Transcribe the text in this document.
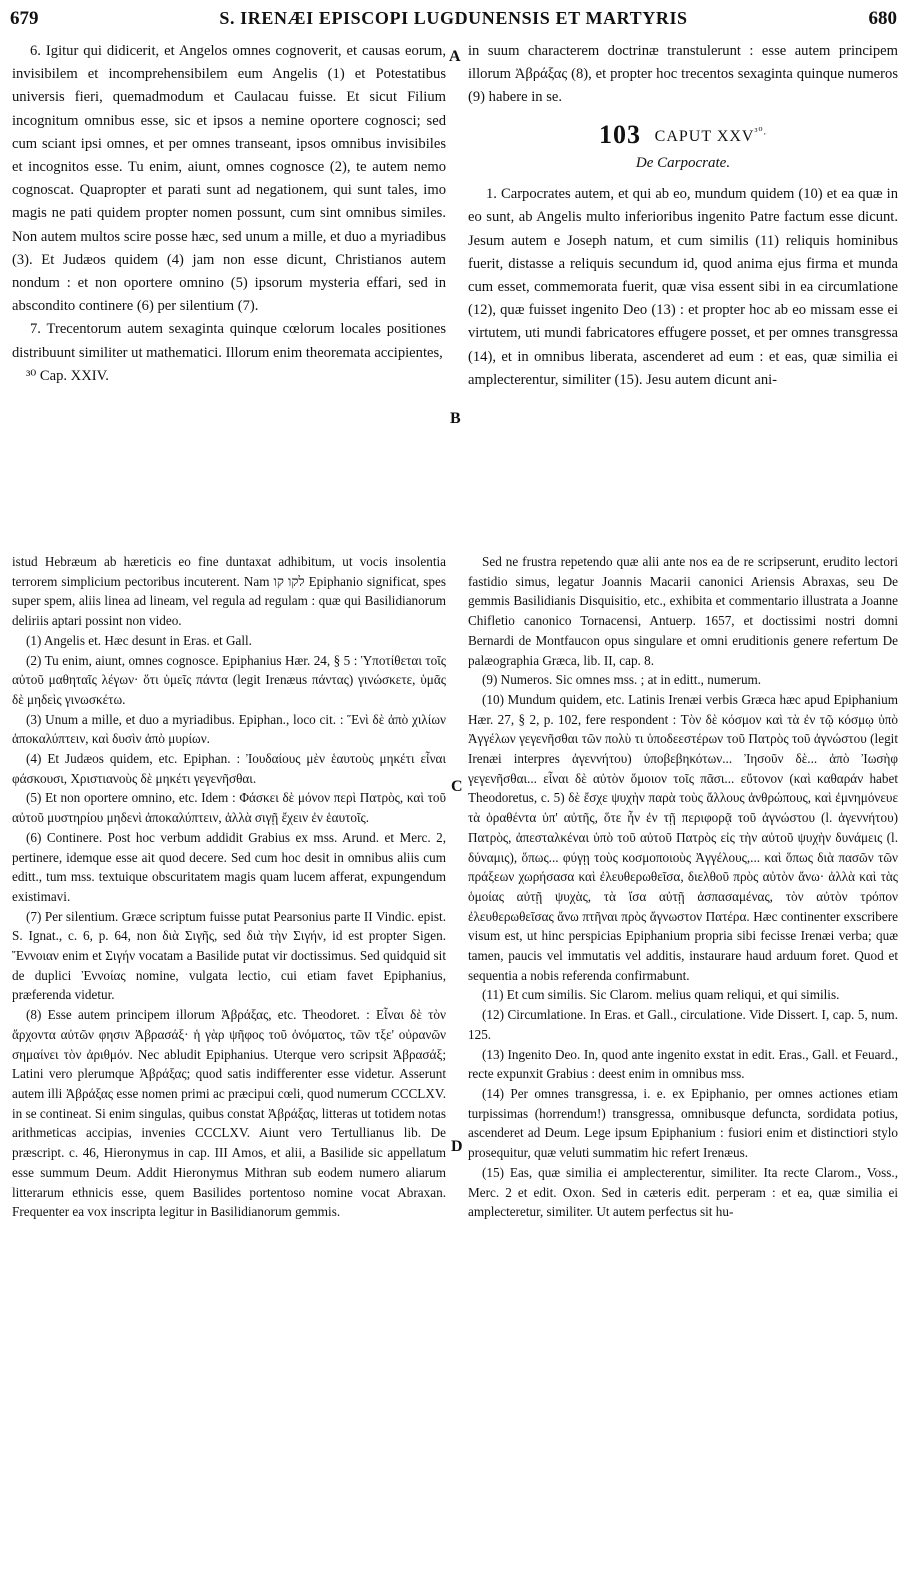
679	S. IRENÆI EPISCOPI LUGDUNENSIS ET MARTYRIS	680
A
B
C
D

6. Igitur qui didicerit, et Angelos omnes cognoverit, et causas eorum, invisibilem et incomprehensibilem eum Angelis (1) et Potestatibus universis fieri, quemadmodum et Caulacau fuisse. Et sicut Filium incognitum omnibus esse, sic et ipsos a nemine oportere cognosci; sed cum sciant ipsi omnes, et per omnes transeant, ipsos omnibus invisibiles et incognitos esse. Tu enim, aiunt, omnes cognosce (2), te autem nemo cognoscat. Quapropter et parati sunt ad negationem, qui sunt tales, imo magis ne pati quidem propter nomen possunt, cum sint omnibus similes. Non autem multos scire posse hæc, sed unum a mille, et duo a myriadibus (3). Et Judæos quidem (4) jam non esse dicunt, Christianos autem nondum : et non oportere omnino (5) ipsorum mysteria effari, sed in abscondito continere (6) per silentium (7).

7. Trecentorum autem sexaginta quinque cœlorum locales positiones distribuunt similiter ut mathematici. Illorum enim theoremata accipientes,

³⁰ Cap. XXIV.

in suum characterem doctrinæ transtulerunt : esse autem principem illorum Ἀβράξας (8), et propter hoc trecentos sexaginta quinque numeros (9) habere in se.

103 CAPUT $XXV^{^{30}.}$

De Carpocrate.

1. Carpocrates autem, et qui ab eo, mundum quidem (10) et ea quæ in eo sunt, ab Angelis multo inferioribus ingenito Patre factum esse dicunt. Jesum autem e Joseph natum, et cum similis (11) reliquis hominibus fuerit, distasse a reliquis secundum id, quod anima ejus firma et munda cum esset, commemorata fuerit, quæ visa essent sibi in ea circumlatione (12), quæ fuisset ingenito Deo (13) : et propter hoc ab eo missam esse ei virtutem, uti mundi fabricatores effugere posset, et per omnes transgressa (14), et in omnibus liberata, ascenderet ad eum : et eas, quæ similia ei amplecterentur, similiter (15). Jesu autem dicunt ani-

istud Hebræum ab hæreticis eo fine duntaxat adhibitum, ut vocis insolentia terrorem simplicium pectoribus incuterent. Nam לקו קו Epiphanio significat, spes super spem, aliis linea ad lineam, vel regula ad regulam : quæ qui Basilidianorum deliriis aptari possint non video.

(1) Angelis et. Hæc desunt in Eras. et Gall.

(2) Tu enim, aiunt, omnes cognosce. Epiphanius Hær. 24, § 5 : Ὑποτίθεται τοῖς αὐτοῦ μαθηταῖς λέγων· ὅτι ὑμεῖς πάντα (legit Irenæus πάντας) γινώσκετε, ὑμᾶς δὲ μηδεὶς γινωσκέτω.

(3) Unum a mille, et duo a myriadibus. Epiphan., loco cit. : Ἕνὶ δὲ ἀπὸ χιλίων ἀποκαλύπτειν, καὶ δυσὶν ἀπὸ μυρίων.

(4) Et Judæos quidem, etc. Epiphan. : Ἰουδαίους μὲν ἑαυτοὺς μηκέτι εἶναι φάσκουσι, Χριστιανοὺς δὲ μηκέτι γεγενῆσθαι.

(5) Et non oportere omnino, etc. Idem : Φάσκει δὲ μόνον περὶ Πατρὸς, καὶ τοῦ αὐτοῦ μυστηρίου μηδενὶ ἀποκαλύπτειν, ἀλλὰ σιγῇ ἔχειν ἐν ἑαυτοῖς.

(6) Continere. Post hoc verbum addidit Grabius ex mss. Arund. et Merc. 2, pertinere, idemque esse ait quod decere. Sed cum hoc desit in omnibus aliis cum editt., tum mss. textuique obscuritatem magis quam lucem afferat, expungendum existimavi.

(7) Per silentium. Græce scriptum fuisse putat Pearsonius parte II Vindic. epist. S. Ignat., c. 6, p. 64, non διὰ Σιγῆς, sed διὰ τὴν Σιγήν, id est propter Sigen. Ἔννοιαν enim et Σιγήν vocatam a Basilide putat vir doctissimus. Sed quidquid sit de duplici Ἐννοίας nomine, vulgata lectio, cui etiam favet Epiphanius, præferenda videtur.

(8) Esse autem principem illorum Ἀβράξας, etc. Theodoret. : Εἶναι δὲ τὸν ἄρχοντα αὐτῶν φησιν Ἀβρασάξ· ἡ γὰρ ψῆφος τοῦ ὀνόματος, τῶν τξε' οὐρανῶν σημαίνει τὸν ἀριθμόν. Nec abludit Epiphanius. Uterque vero scripsit Ἀβρασάξ; Latini vero plerumque Ἀβράξας; quod satis indifferenter esse videtur. Asserunt autem illi Ἀβράξας esse nomen primi ac præcipui cœli, quod numerum CCCLXV. in se contineat. Si enim singulas, quibus constat Ἀβράξας, litteras ut totidem notas arithmeticas accipias, invenies CCCLXV. Aiunt vero Tertullianus lib. De præscript. c. 46, Hieronymus in cap. III Amos, et alii, a Basilide sic appellatum esse summum Deum. Addit Hieronymus Mithran sub eodem numero aliarum litterarum ethnicis esse, quem Basilides portentoso nomine vocat Abraxan. Frequenter ea vox inscripta legitur in Basilidianorum gemmis.

Sed ne frustra repetendo quæ alii ante nos ea de re scripserunt, erudito lectori fastidio simus, legatur Joannis Macarii canonici Ariensis Abraxas, seu De gemmis Basilidianis Disquisitio, etc., exhibita et commentario illustrata a Joanne Chifletio canonico Tornacensi, Antuerp. 1657, et doctissimi nostri domni Bernardi de Montfaucon opus singulare et omni eruditionis genere refertum De palæographia Græca, lib. II, cap. 8.

(9) Numeros. Sic omnes mss. ; at in editt., numerum.

(10) Mundum quidem, etc. Latinis Irenæi verbis Græca hæc apud Epiphanium Hær. 27, § 2, p. 102, fere respondent : Τὸν δὲ κόσμον καὶ τὰ ἐν τῷ κόσμῳ ὑπὸ Ἀγγέλων γεγενῆσθαι τῶν πολὺ τι ὑποδεεστέρων τοῦ Πατρὸς τοῦ ἀγνώστου (legit Irenæi interpres ἀγεννήτου) ὑποβεβηκότων... Ἰησοῦν δὲ... ἀπὸ Ἰωσὴφ γεγενῆσθαι... εἶναι δὲ αὐτὸν ὅμοιον τοῖς πᾶσι... εὔτονον (καὶ καθαράν habet Theodoretus, c. 5) δὲ ἔσχε ψυχὴν παρὰ τοὺς ἄλλους ἀνθρώπους, καὶ ἐμνημόνευε τὰ ὁραθέντα ὑπ' αὐτῆς, ὅτε ἦν ἐν τῇ περιφορᾷ τοῦ ἀγνώστου (l. ἀγεννήτου) Πατρὸς, ἀπεσταλκέναι ὑπὸ τοῦ αὐτοῦ Πατρὸς εἰς τὴν αὐτοῦ ψυχὴν δυνάμεις (l. δύναμις), ὅπως... φύγῃ τοὺς κοσμοποιοὺς Ἀγγέλους,... καὶ ὅπως διὰ πασῶν τῶν πράξεων χωρήσασα καὶ ἐλευθερωθεῖσα, διελθοῦ πρὸς αὐτὸν ἄνω· ἀλλὰ καὶ τὰς ὁμοίας αὐτῇ ψυχὰς, τὰ ἴσα αὐτῇ ἀσπασαμένας, τὸν αὐτὸν τρόπον ἐλευθερωθεῖσας ἄνω πτῆναι πρὸς ἄγνωστον Πατέρα. Hæc continenter exscribere visum est, ut hinc perspicias Epiphanium propria sibi fecisse Irenæi verba; quæ tamen, paucis vel immutatis vel additis, instaurare haud arduum foret. Quod et sequentia a nobis referenda confirmabunt.

(11) Et cum similis. Sic Clarom. melius quam reliqui, et qui similis.

(12) Circumlatione. In Eras. et Gall., circulatione. Vide Dissert. I, cap. 5, num. 125.

(13) Ingenito Deo. In, quod ante ingenito exstat in edit. Eras., Gall. et Feuard., recte expunxit Grabius : deest enim in omnibus mss.

(14) Per omnes transgressa, i. e. ex Epiphanio, per omnes actiones etiam turpissimas (horrendum!) transgressa, omnibusque defuncta, sordidata potius, ascenderet ad Deum. Lege ipsum Epiphanium : fusiori enim et distinctiori stylo prosequitur, quæ veluti summatim hic refert Irenæus.

(15) Eas, quæ similia ei amplecterentur, similiter. Ita recte Clarom., Voss., Merc. 2 et edit. Oxon. Sed in cæteris edit. perperam : et ea, quæ similia ei amplecteretur, similiter. Ut autem perfectus sit hu-
